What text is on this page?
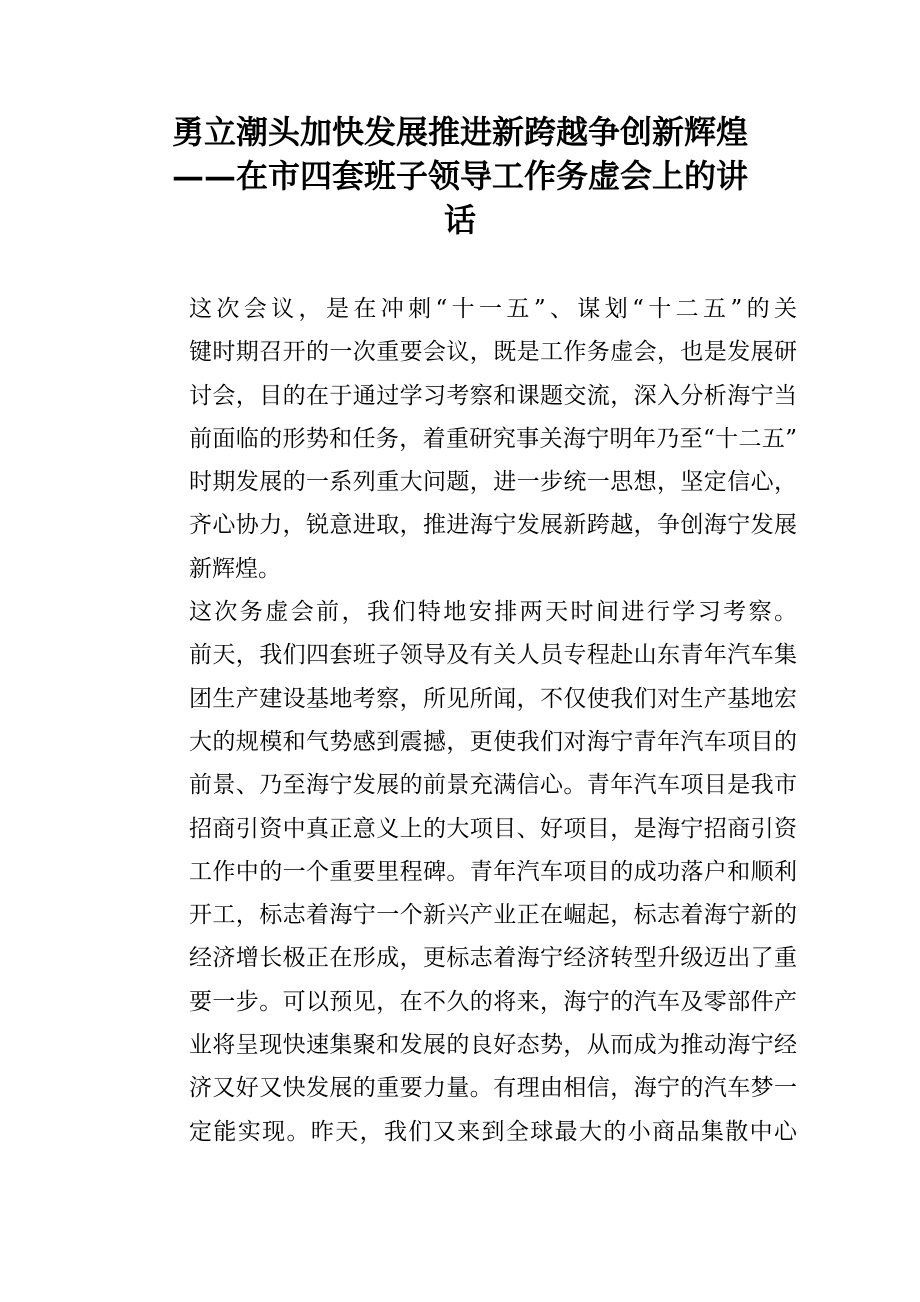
勇立潮头加快发展推进新跨越争创新辉煌
——在市四套班子领导工作务虚会上的讲
话

这次会议，是在冲刺“十一五”、谋划“十二五”的关
键时期召开的一次重要会议，既是工作务虚会，也是发展研
讨会，目的在于通过学习考察和课题交流，深入分析海宁当
前面临的形势和任务，着重研究事关海宁明年乃至“十二五”
时期发展的一系列重大问题，进一步统一思想，坚定信心，
齐心协力，锐意进取，推进海宁发展新跨越，争创海宁发展
新辉煌。

这次务虚会前，我们特地安排两天时间进行学习考察。
前天，我们四套班子领导及有关人员专程赴山东青年汽车集
团生产建设基地考察，所见所闻，不仅使我们对生产基地宏
大的规模和气势感到震撼，更使我们对海宁青年汽车项目的
前景、乃至海宁发展的前景充满信心。青年汽车项目是我市
招商引资中真正意义上的大项目、好项目，是海宁招商引资
工作中的一个重要里程碑。青年汽车项目的成功落户和顺利
开工，标志着海宁一个新兴产业正在崛起，标志着海宁新的
经济增长极正在形成，更标志着海宁经济转型升级迈出了重
要一步。可以预见，在不久的将来，海宁的汽车及零部件产
业将呈现快速集聚和发展的良好态势，从而成为推动海宁经
济又好又快发展的重要力量。有理由相信，海宁的汽车梦一
定能实现。昨天，我们又来到全球最大的小商品集散中心
